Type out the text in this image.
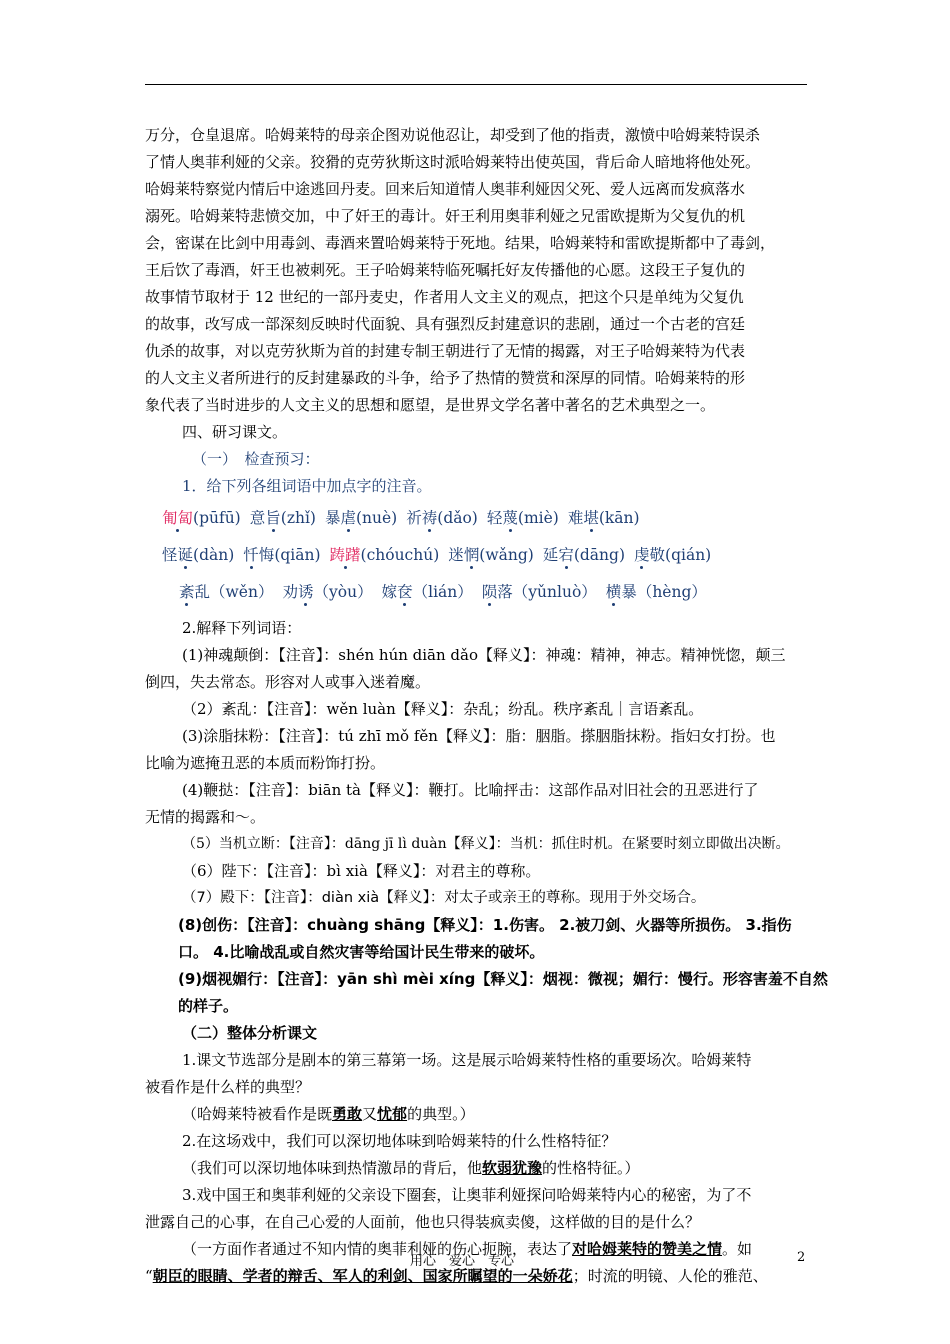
万分，仓皇退席。哈姆莱特的母亲企图劝说他忍让，却受到了他的指责，激愤中哈姆莱特误杀

了情人奥菲利娅的父亲。狡猾的克劳狄斯这时派哈姆莱特出使英国，背后命人暗地将他处死。

哈姆莱特察觉内情后中途逃回丹麦。回来后知道情人奥菲利娅因父死、爱人远离而发疯落水

溺死。哈姆莱特悲愤交加，中了奸王的毒计。奸王利用奥菲利娅之兄雷欧提斯为父复仇的机

会，密谋在比剑中用毒剑、毒酒来置哈姆莱特于死地。结果，哈姆莱特和雷欧提斯都中了毒剑，

王后饮了毒酒，奸王也被刺死。王子哈姆莱特临死嘱托好友传播他的心愿。这段王子复仇的

故事情节取材于 12 世纪的一部丹麦史，作者用人文主义的观点，把这个只是单纯为父复仇

的故事，改写成一部深刻反映时代面貌、具有强烈反封建意识的悲剧，通过一个古老的宫廷

仇杀的故事，对以克劳狄斯为首的封建专制王朝进行了无情的揭露，对王子哈姆莱特为代表

的人文主义者所进行的反封建暴政的斗争，给予了热情的赞赏和深厚的同情。哈姆莱特的形

象代表了当时进步的人文主义的思想和愿望，是世界文学名著中著名的艺术典型之一。

四、研习课文。

（一）　检查预习：

1．给下列各组词语中加点字的注音。

匍匐(pūfū) 意旨(zhǐ) 暴虐(nuè) 祈祷(dǎo) 轻蔑(miè) 难堪(kān)

怪诞(dàn) 忏悔(qiān) 踌躇(chóuchú) 迷惘(wǎng) 延宕(dāng) 虔敬(qián)

紊乱（wěn） 劝诱（yòu） 嫁奁（lián） 陨落（yǔnluò） 横暴（hèng）

2.解释下列词语：

(1)神魂颠倒：【注音】：shén hún diān dǎo【释义】：神魂：精神，神志。精神恍惚，颠三

倒四，失去常态。形容对人或事入迷着魔。

（2）紊乱：【注音】：wěn luàn【释义】：杂乱；纷乱。秩序紊乱｜言语紊乱。

(3)涂脂抹粉：【注音】：tú zhī mǒ fěn【释义】：脂：胭脂。搽胭脂抹粉。指妇女打扮。也

比喻为遮掩丑恶的本质而粉饰打扮。

(4)鞭挞：【注音】：biān tà【释义】：鞭打。比喻抨击：这部作品对旧社会的丑恶进行了

无情的揭露和～。

（5）当机立断：【注音】：dāng jī lì duàn【释义】：当机：抓住时机。在紧要时刻立即做出决断。

（6）陛下：【注音】：bì xià【释义】：对君主的尊称。

（7）殿下：【注音】：diàn xià【释义】：对太子或亲王的尊称。现用于外交场合。

(8)创伤：【注音】：chuàng shāng【释义】：1.伤害。 2.被刀剑、火器等所损伤。 3.指伤

口。 4.比喻战乱或自然灾害等给国计民生带来的破坏。

(9)烟视媚行：【注音】：yān shì mèi xíng【释义】：烟视：微视；媚行：慢行。形容害羞不自然

的样子。

（二）整体分析课文

1.课文节选部分是剧本的第三幕第一场。这是展示哈姆莱特性格的重要场次。哈姆莱特

被看作是什么样的典型？

（哈姆莱特被看作是既勇敢又忧郁的典型。）

2.在这场戏中，我们可以深切地体味到哈姆莱特的什么性格特征？

（我们可以深切地体味到热情激昂的背后，他软弱犹豫的性格特征。）

3.戏中国王和奥菲利娅的父亲设下圈套，让奥菲利娅探问哈姆莱特内心的秘密，为了不

泄露自己的心事，在自己心爱的人面前，他也只得装疯卖傻，这样做的目的是什么？

（一方面作者通过不知内情的奥菲利娅的伤心扼腕，表达了对哈姆莱特的赞美之情。如

“朝臣的眼睛、学者的辩舌、军人的利剑、国家所瞩望的一朵娇花；时流的明镜、人伦的雅范、

用心　爱心　专心	2
